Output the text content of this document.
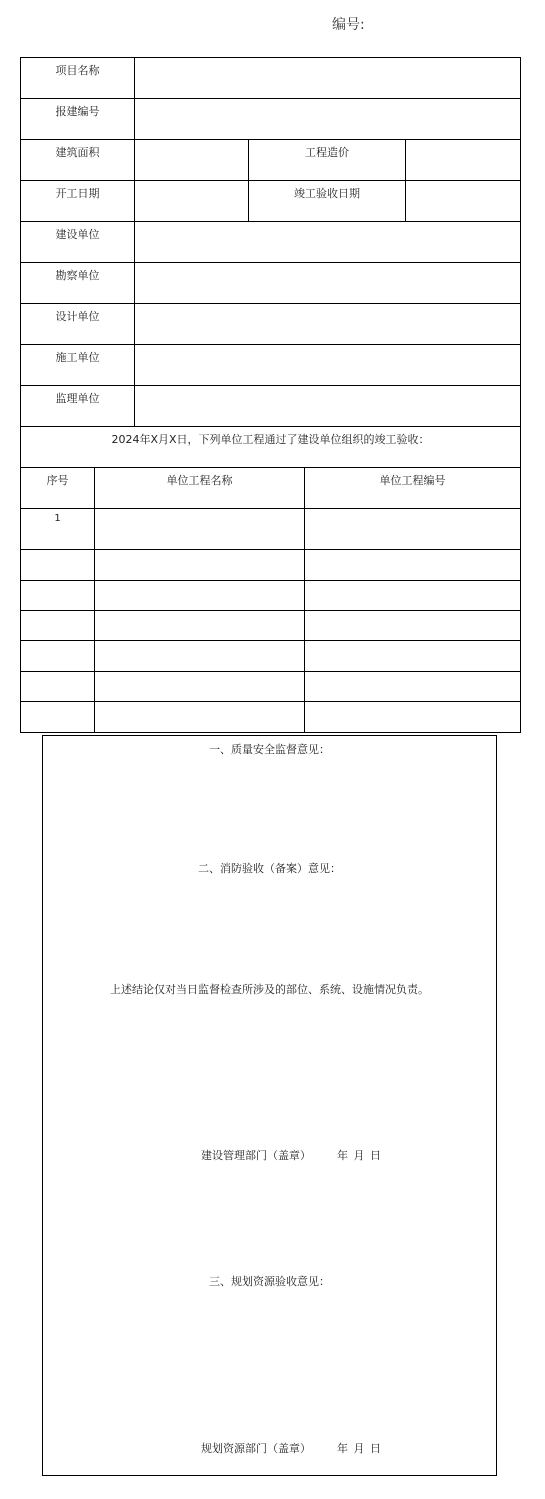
编号:
项目名称					
报建编号					
建筑面积			工程造价		
开工日期			竣工验收日期		
建设单位					
勘察单位					
设计单位					
施工单位					
监理单位					
2024年X月X日，下列单位工程通过了建设单位组织的竣工验收：					
序号	单位工程名称			单位工程编号	
1					

一、质量安全监督意见：
二、消防验收（备案）意见：
上述结论仅对当日监督检查所涉及的部位、系统、设施情况负责。
建设管理部门（盖章） 年 月 日
三、规划资源验收意见：
规划资源部门（盖章） 年 月 日
